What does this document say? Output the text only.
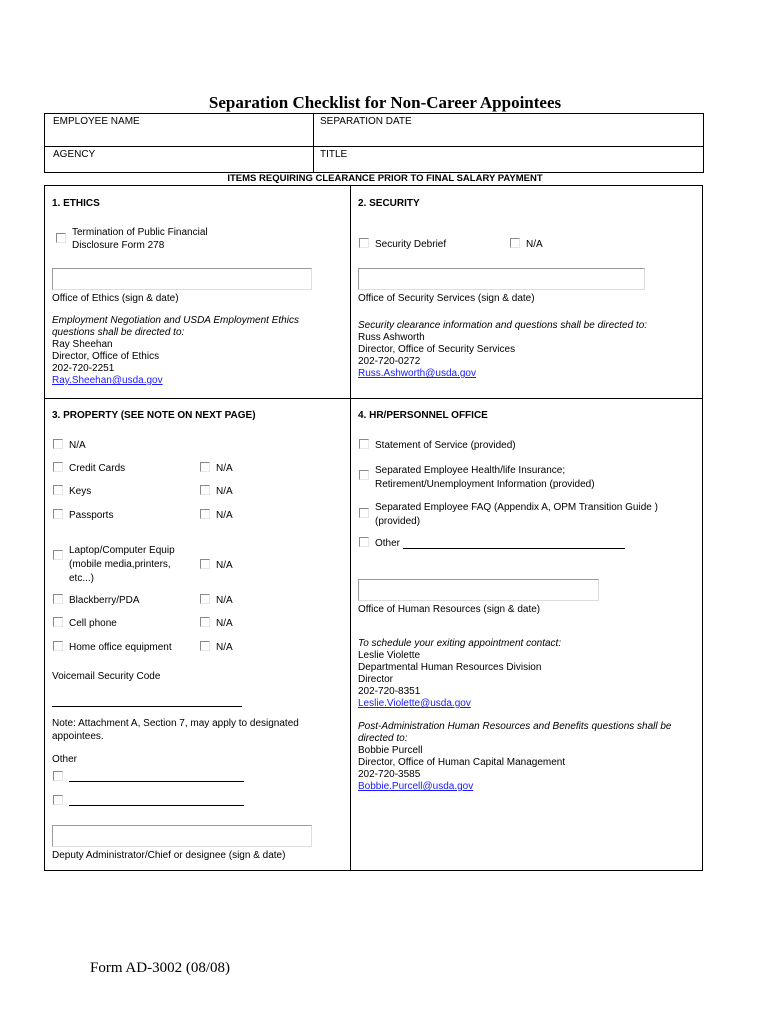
Separation Checklist for Non-Career Appointees
EMPLOYEE NAME	SEPARATION DATE
AGENCY	TITLE
ITEMS REQUIRING CLEARANCE PRIOR TO FINAL SALARY PAYMENT
1. ETHICS
Termination of Public Financial
Disclosure Form 278
Office of Ethics (sign & date)
Employment Negotiation and USDA Employment Ethics
questions shall be directed to:
Ray Sheehan
Director, Office of Ethics
202-720-2251
Ray.Sheehan@usda.gov
2. SECURITY
Security Debrief	N/A
Office of Security Services (sign & date)
Security clearance information and questions shall be directed to:
Russ Ashworth
Director, Office of Security Services
202-720-0272
Russ.Ashworth@usda.gov
3. PROPERTY (SEE NOTE ON NEXT PAGE)
N/A
Credit Cards	N/A
Keys	N/A
Passports	N/A
Laptop/Computer Equip
(mobile media,printers,
etc...)
N/A
Blackberry/PDA	N/A
Cell phone	N/A
Home office equipment	N/A
Voicemail Security Code
Note: Attachment A, Section 7, may apply to designated
appointees.
Other
Deputy Administrator/Chief or designee (sign & date)
4. HR/PERSONNEL OFFICE
Statement of Service (provided)
Separated Employee Health/life Insurance;
Retirement/Unemployment Information (provided)
Separated Employee FAQ (Appendix A, OPM Transition Guide )
(provided)
Other
Office of Human Resources (sign & date)
To schedule your exiting appointment contact:
Leslie Violette
Departmental Human Resources Division
Director
202-720-8351
Leslie.Violette@usda.gov
Post-Administration Human Resources and Benefits questions shall be
directed to:
Bobbie Purcell
Director, Office of Human Capital Management
202-720-3585
Bobbie.Purcell@usda.gov
Form AD-3002 (08/08)
